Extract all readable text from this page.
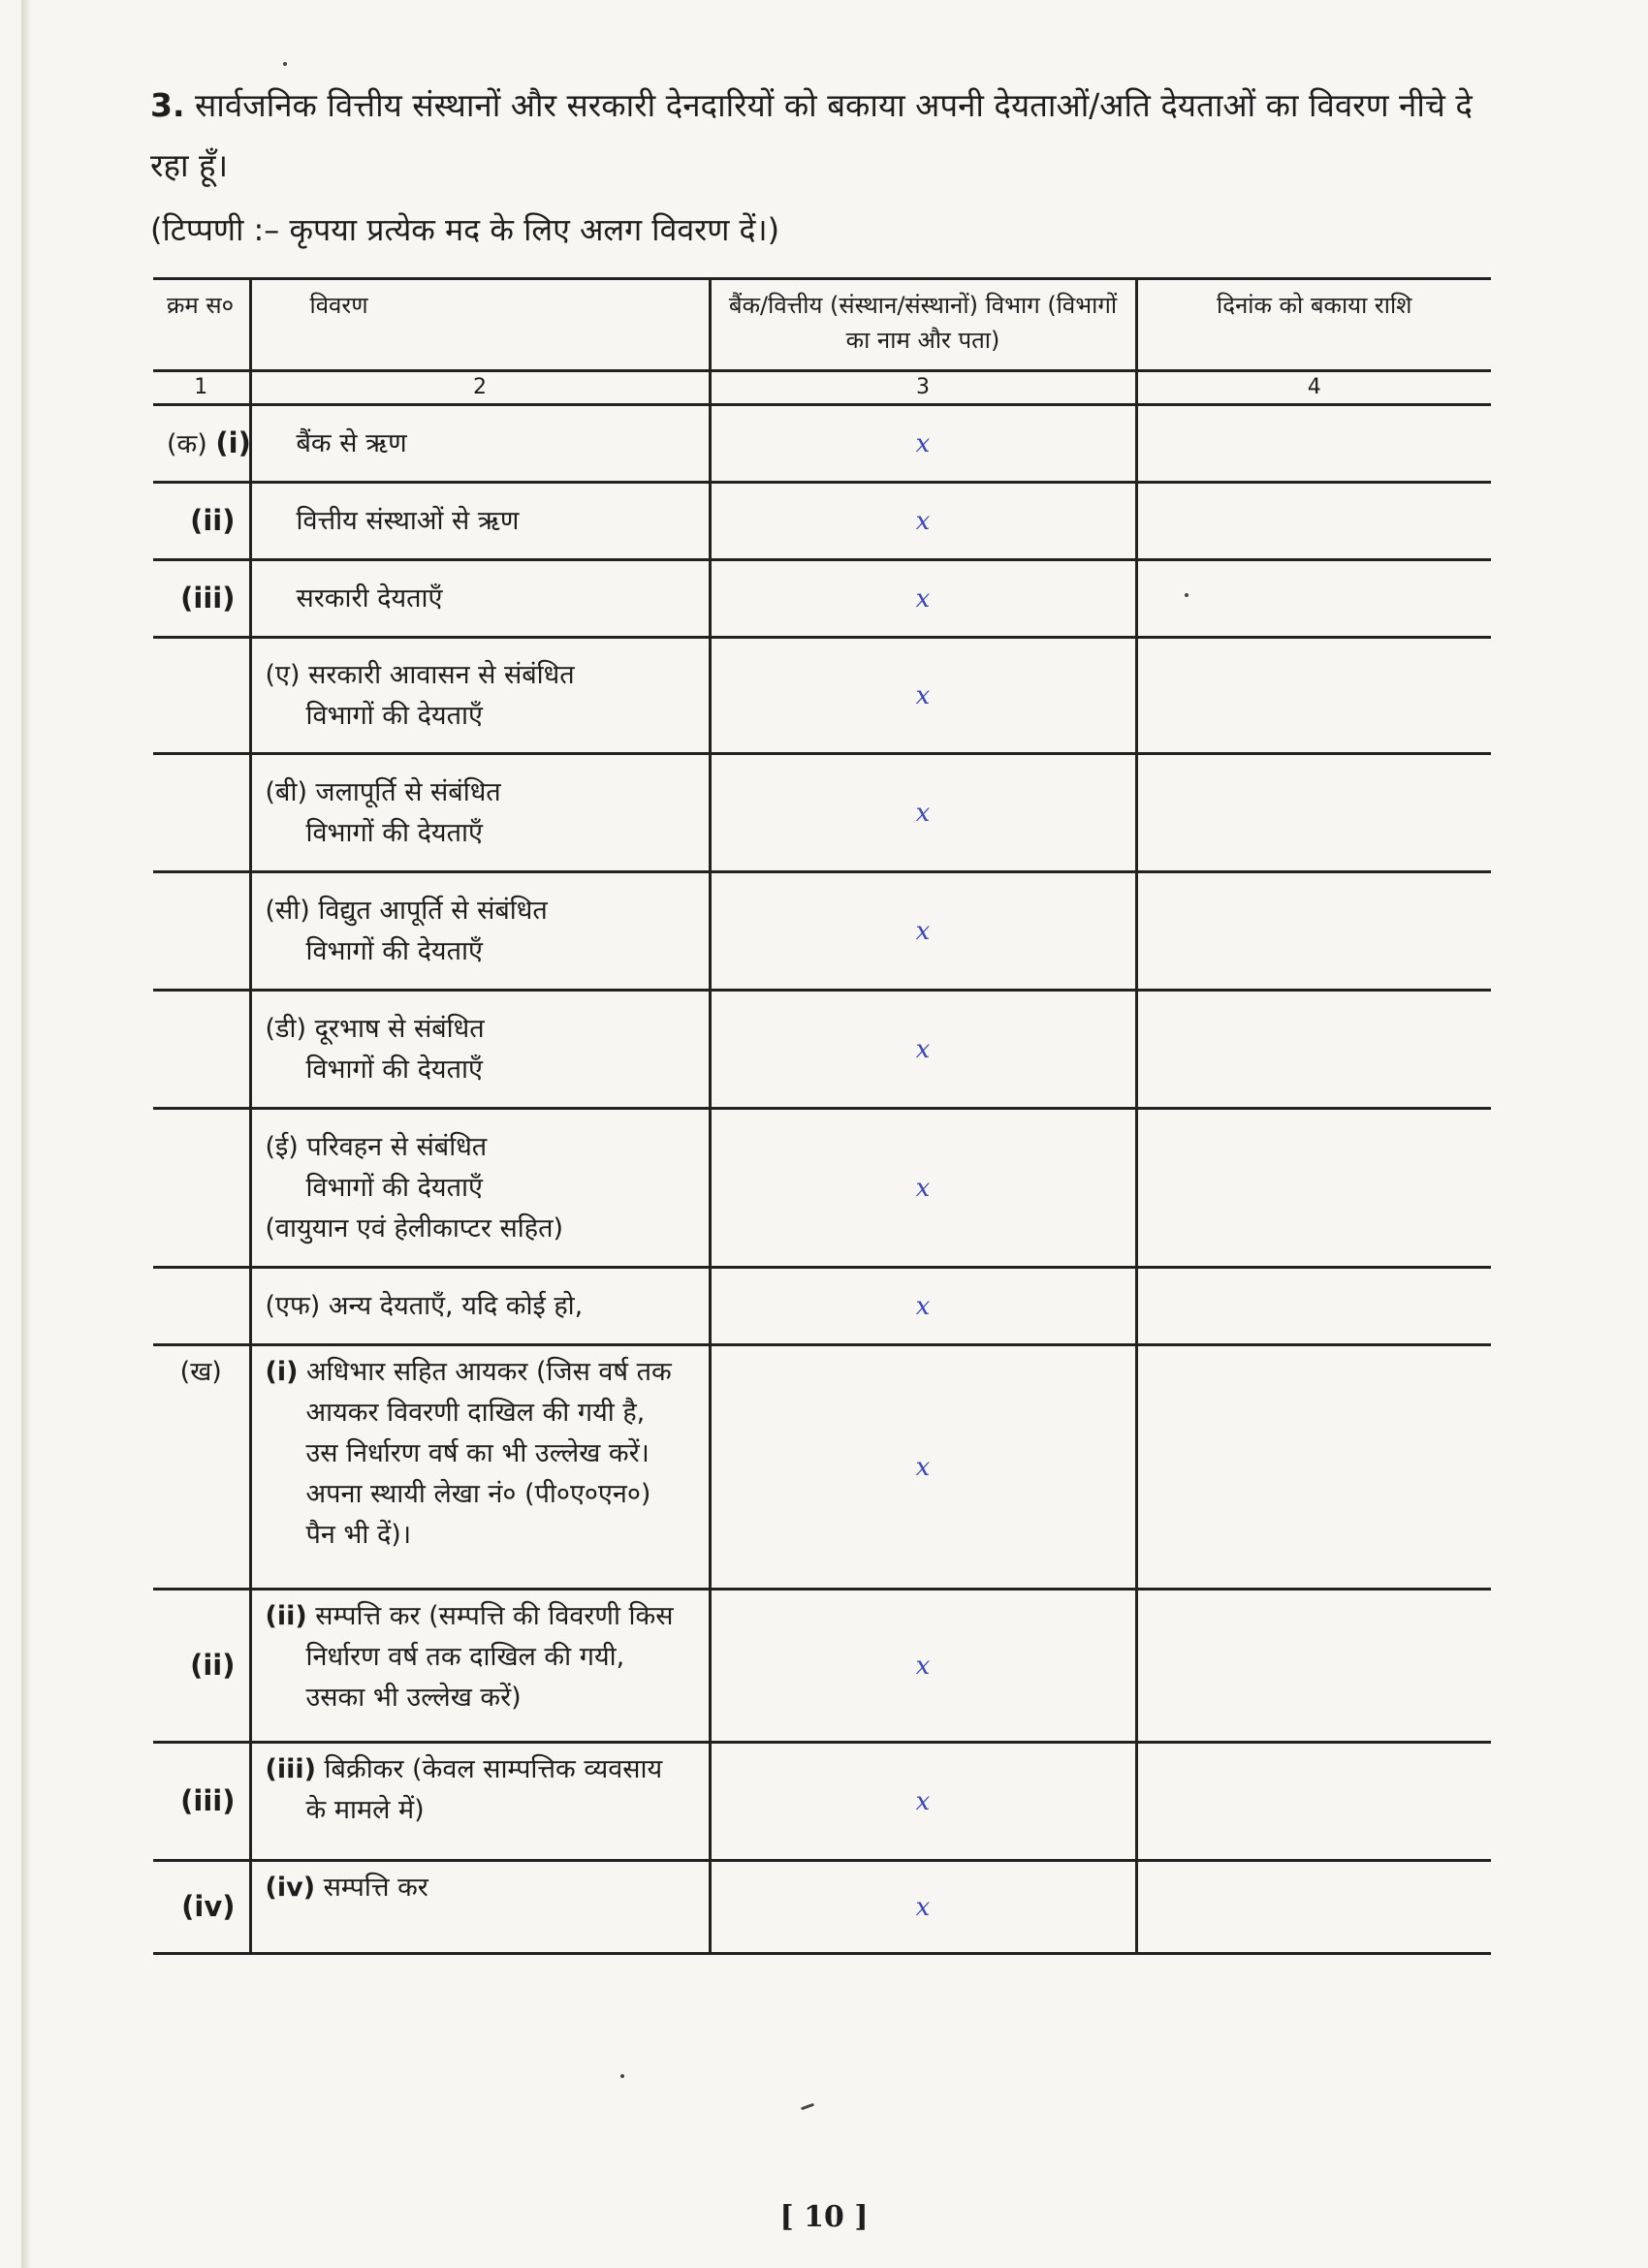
3. सार्वजनिक वित्तीय संस्थानों और सरकारी देनदारियों को बकाया अपनी देयताओं/अति देयताओं का विवरण नीचे दे रहा हूँ।
(टिप्पणी :– कृपया प्रत्येक मद के लिए अलग विवरण दें।)
क्रम स०	विवरण	बैंक/वित्तीय (संस्थान/संस्थानों) विभाग (विभागों का नाम और पता)	दिनांक को बकाया राशि
1	2	3	4
(क) (i)	बैंक से ऋण	x	
(ii)	वित्तीय संस्थाओं से ऋण	x	
(iii)	सरकारी देयताएँ	x	

	(ए) सरकारी आवासन से संबंधित
विभागों की देयताएँ	x	

	(बी) जलापूर्ति से संबंधित
विभागों की देयताएँ	x	

	(सी) विद्युत आपूर्ति से संबंधित
विभागों की देयताएँ	x	

	(डी) दूरभाष से संबंधित
विभागों की देयताएँ	x	

	(ई) परिवहन से संबंधित
विभागों की देयताएँ
(वायुयान एवं हेलीकाप्टर सहित)	x	

	(एफ) अन्य देयताएँ, यदि कोई हो,	x	
(ख)	(i) अधिभार सहित आयकर (जिस वर्ष तक
आयकर विवरणी दाखिल की गयी है,
उस निर्धारण वर्ष का भी उल्लेख करें।
अपना स्थायी लेखा नं० (पी०ए०एन०)
पैन भी दें)।	x	
(ii)	(ii) सम्पत्ति कर (सम्पत्ति की विवरणी किस
निर्धारण वर्ष तक दाखिल की गयी,
उसका भी उल्लेख करें)	x	
(iii)	(iii) बिक्रीकर (केवल साम्पत्तिक व्यवसाय
के मामले में)	x	
(iv)	(iv) सम्पत्ति कर	x	
[ 10 ]
